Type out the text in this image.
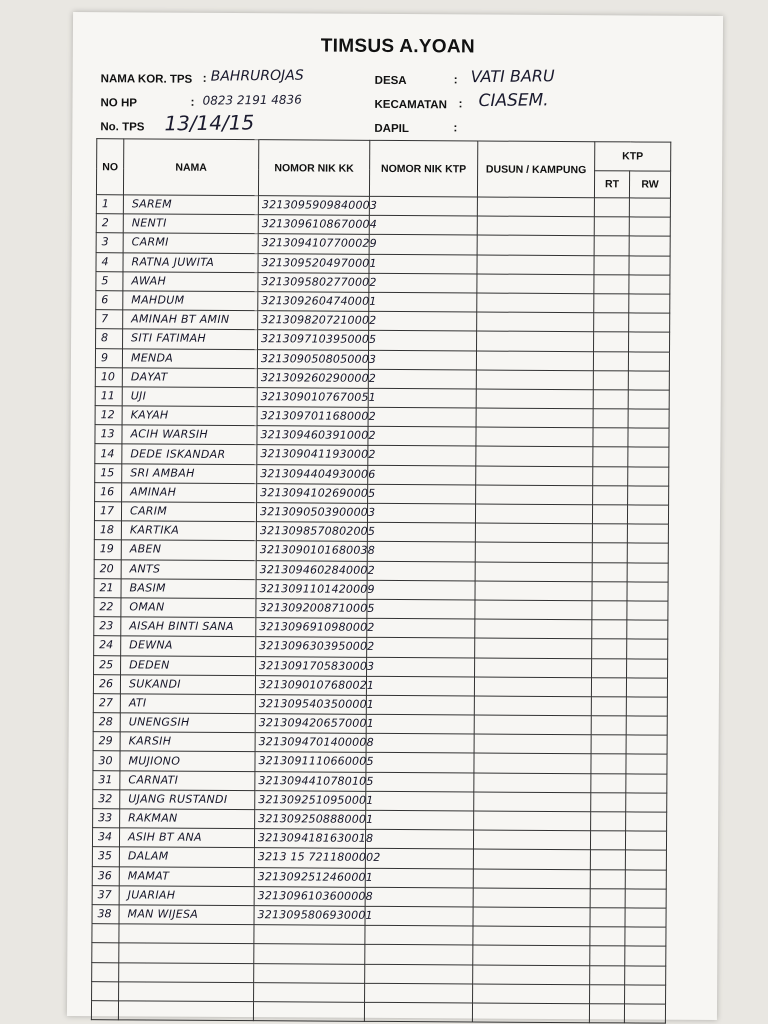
TIMSUS A.YOAN
NAMA KOR. TPS : BAHRUROJAS
NO HP	: 0823 2191 4836
No. TPS 13/14/15
DESA	: VATI BARU
KECAMATAN : CIASEM.
DAPIL	:
NO	NAMA	NOMOR NIK KK	NOMOR NIK KTP	DUSUN / KAMPUNG	KTP	
					RT	RW
1	SAREM	3213095909840003				

2	NENTI	3213096108670004				

3	CARMI	3213094107700029				

4	RATNA JUWITA	3213095204970001				

5	AWAH	3213095802770002				

6	MAHDUM	3213092604740001				

7	AMINAH BT AMIN	3213098207210002				

8	SITI FATIMAH	3213097103950005				

9	MENDA	3213090508050003				

10	DAYAT	3213092602900002				

11	UJI	3213090107670051				

12	KAYAH	3213097011680002				

13	ACIH WARSIH	3213094603910002				

14	DEDE ISKANDAR	3213090411930002				

15	SRI AMBAH	3213094404930006				

16	AMINAH	3213094102690005				

17	CARIM	3213090503900003				

18	KARTIKA	3213098570802005				

19	ABEN	3213090101680038				

20	ANTS	3213094602840002				

21	BASIM	3213091101420009				

22	OMAN	3213092008710005				

23	AISAH BINTI SANA	3213096910980002				

24	DEWNA	3213096303950002				

25	DEDEN	3213091705830003				

26	SUKANDI	3213090107680021				

27	ATI	3213095403500001				

28	UNENGSIH	3213094206570001				

29	KARSIH	3213094701400008				

30	MUJIONO	3213091110660005				

31	CARNATI	3213094410780105				

32	UJANG RUSTANDI	3213092510950001				

33	RAKMAN	3213092508880001				

34	ASIH BT ANA	3213094181630018				

35	DALAM	3213 15 7211800002				

36	MAMAT	3213092512460001				

37	JUARIAH	3213096103600008				

38	MAN WIJESA	3213095806930001				
